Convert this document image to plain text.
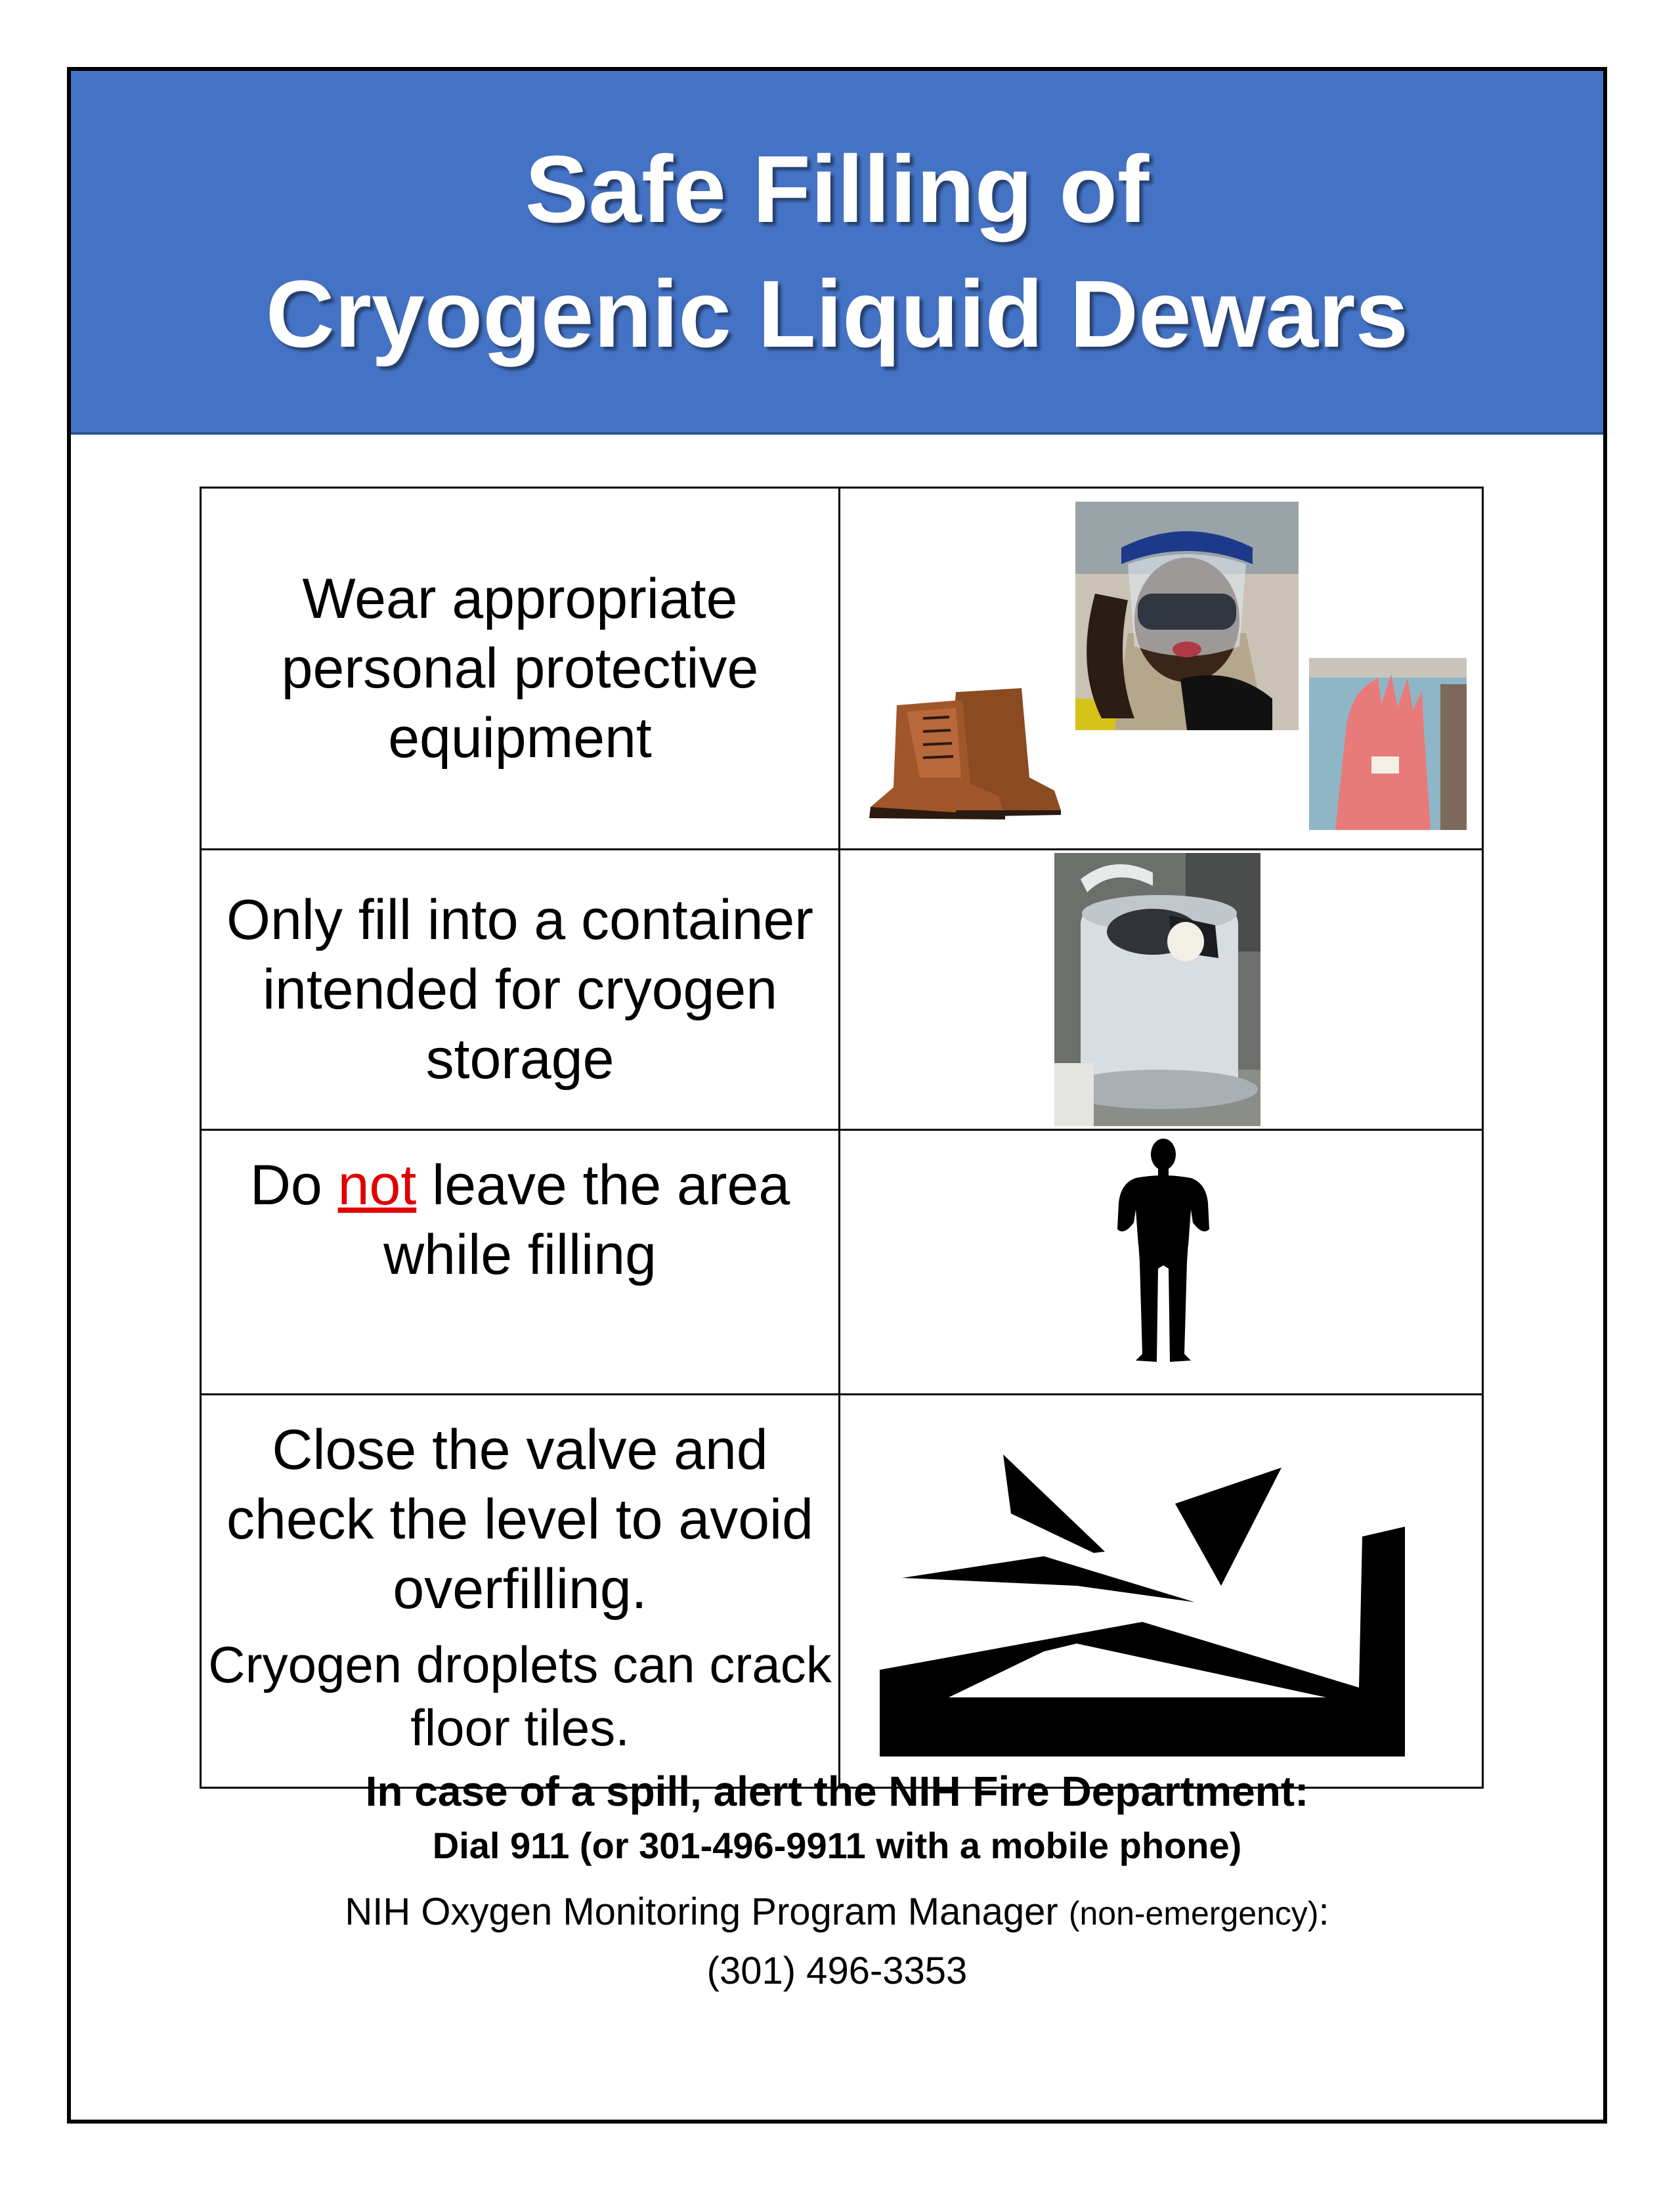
Safe Filling of
Cryogenic Liquid Dewars
Wear appropriate personal protective equipment	

Only fill into a container intended for cryogen storage	

Do not leave the area while filling	

Close the valve and check the level to avoid overfilling.
Cryogen droplets can crack floor tiles.

In case of a spill, alert the NIH Fire Department:
Dial 911 (or 301-496-9911 with a mobile phone)
NIH Oxygen Monitoring Program Manager (non-emergency):
(301) 496-3353
